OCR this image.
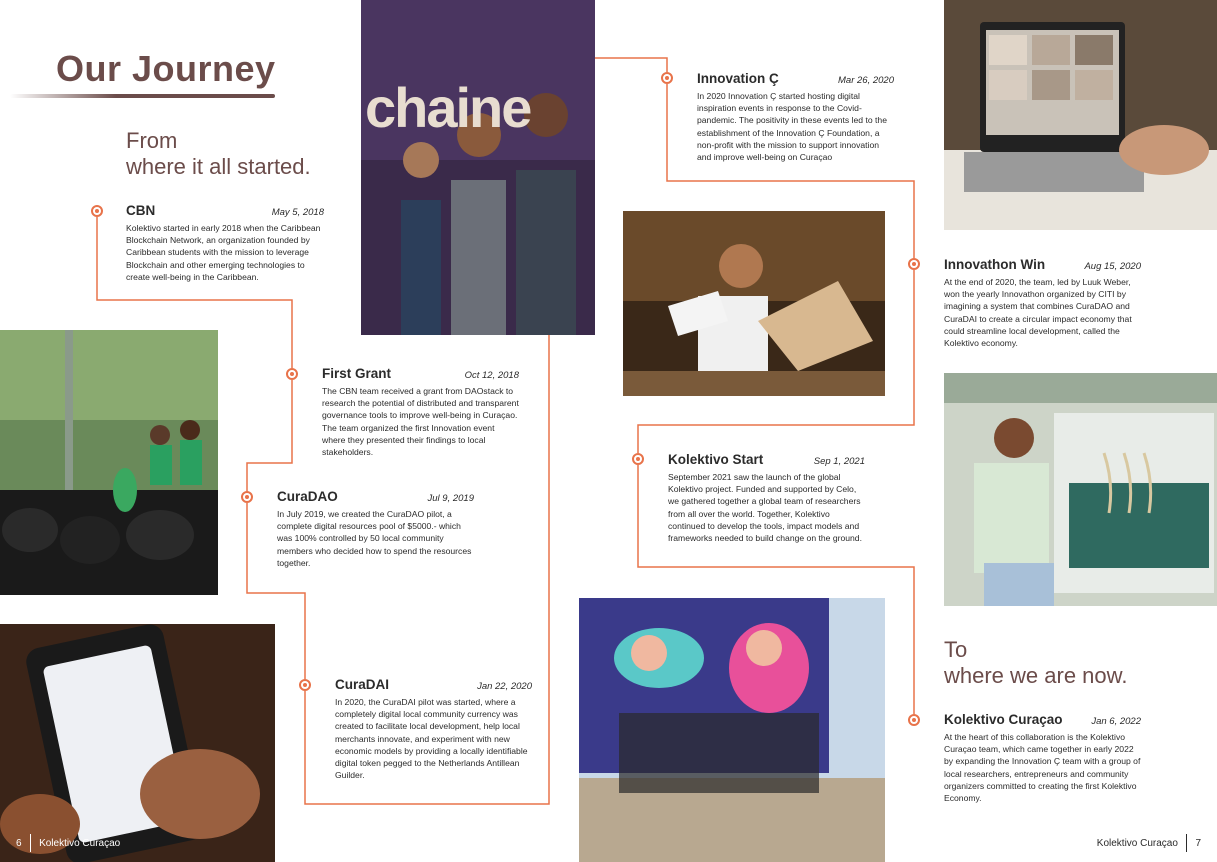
Our Journey
From
where it all started.
To
where we are now.
chaine
CBN	May 5, 2018
Kolektivo started in early 2018 when the Caribbean Blockchain Network, an organization founded by Caribbean students with the mission to leverage Blockchain and other emerging technologies to create well-being in the Caribbean.
First Grant	Oct 12, 2018
The CBN team received a grant from DAOstack to research the potential of distributed and transparent governance tools to improve well-being in Curaçao. The team organized the first Innovation event where they presented their findings to local stakeholders.
CuraDAO	Jul 9, 2019
In July 2019, we created the CuraDAO pilot, a complete digital resources pool of $5000.- which was 100% controlled by 50 local community members who decided how to spend the resources together.
CuraDAI	Jan 22, 2020
In 2020, the CuraDAI pilot was started, where a completely digital local community currency was created to facilitate local development, help local merchants innovate, and experiment with new economic models by providing a locally identifiable digital token pegged to the Netherlands Antillean Guilder.
Innovation Ç	Mar 26, 2020
In 2020 Innovation Ç started hosting digital inspiration events in response to the Covid-pandemic. The positivity in these events led to the establishment of the Innovation Ç Foundation, a non-profit with the mission to support innovation and improve well-being on Curaçao
Innovathon Win	Aug 15, 2020
At the end of 2020, the team, led by Luuk Weber, won the yearly Innovathon organized by CITI by imagining a system that combines CuraDAO and CuraDAI to create a circular impact economy that could streamline local development, called the Kolektivo economy.
Kolektivo Start	Sep 1, 2021
September 2021 saw the launch of the global Kolektivo project. Funded and supported by Celo, we gathered together a global team of researchers from all over the world. Together, Kolektivo continued to develop the tools, impact models and frameworks needed to build change on the ground.
Kolektivo Curaçao	Jan 6, 2022
At the heart of this collaboration is the Kolektivo Curaçao team, which came together in early 2022 by expanding the Innovation Ç team with a group of local researchers, entrepreneurs and community organizers committed to creating the first Kolektivo Economy.
6 Kolektivo Curaçao	Kolektivo Curaçao 7
